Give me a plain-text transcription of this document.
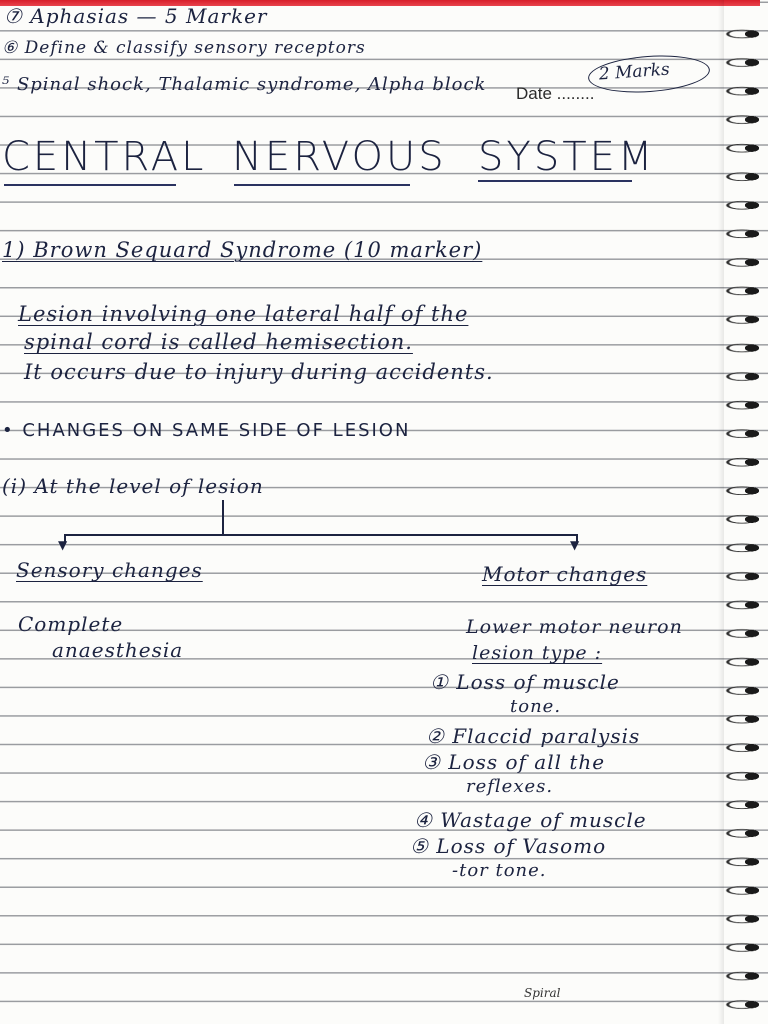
⑦ Aphasias — 5 Marker
⑥ Define & classify sensory receptors
⁵ Spinal shock, Thalamic syndrome, Alpha block Date ........
2 Marks
CENTRAL NERVOUS SYSTEM
1) Brown Sequard Syndrome (10 marker)
Lesion involving one lateral half of the
spinal cord is called hemisection.
It occurs due to injury during accidents.
• CHANGES ON SAME SIDE OF LESION
(i) At the level of lesion
▼	▼
Sensory changes
Complete
anaesthesia
Motor changes
Lower motor neuron
lesion type :
① Loss of muscle
tone.
② Flaccid paralysis
③ Loss of all the
reflexes.
④ Wastage of muscle
⑤ Loss of Vasomo
-tor tone.
Spiral
